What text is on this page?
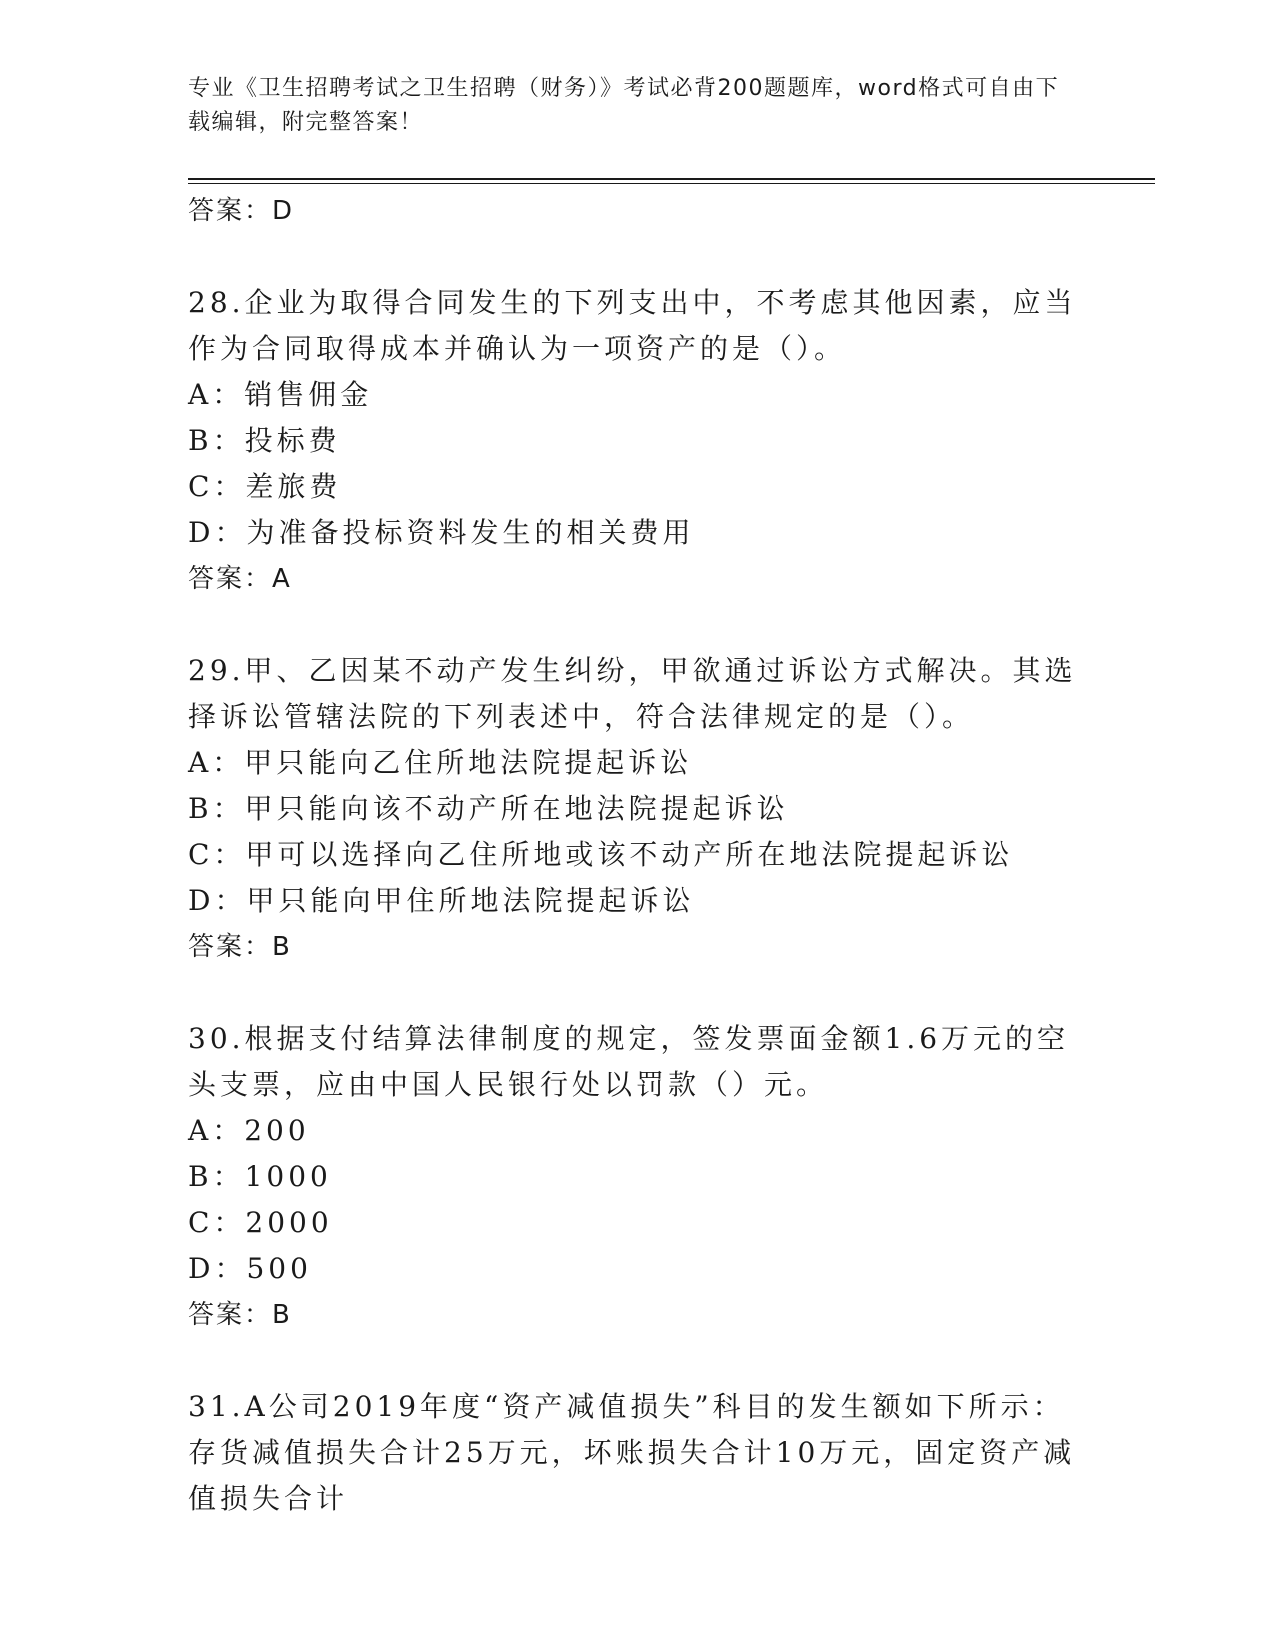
专业《卫生招聘考试之卫生招聘（财务）》考试必背200题题库，word格式可自由下载编辑，附完整答案！
答案：D
28.企业为取得合同发生的下列支出中，不考虑其他因素，应当作为合同取得成本并确认为一项资产的是（）。
A：销售佣金
B：投标费
C：差旅费
D：为准备投标资料发生的相关费用
答案：A
29.甲、乙因某不动产发生纠纷，甲欲通过诉讼方式解决。其选择诉讼管辖法院的下列表述中，符合法律规定的是（）。
A：甲只能向乙住所地法院提起诉讼
B：甲只能向该不动产所在地法院提起诉讼
C：甲可以选择向乙住所地或该不动产所在地法院提起诉讼
D：甲只能向甲住所地法院提起诉讼
答案：B
30.根据支付结算法律制度的规定，签发票面金额1.6万元的空头支票，应由中国人民银行处以罚款（）元。
A：200
B：1000
C：2000
D：500
答案：B
31.A公司2019年度“资产减值损失”科目的发生额如下所示：存货减值损失合计25万元，坏账损失合计10万元，固定资产减值损失合计
